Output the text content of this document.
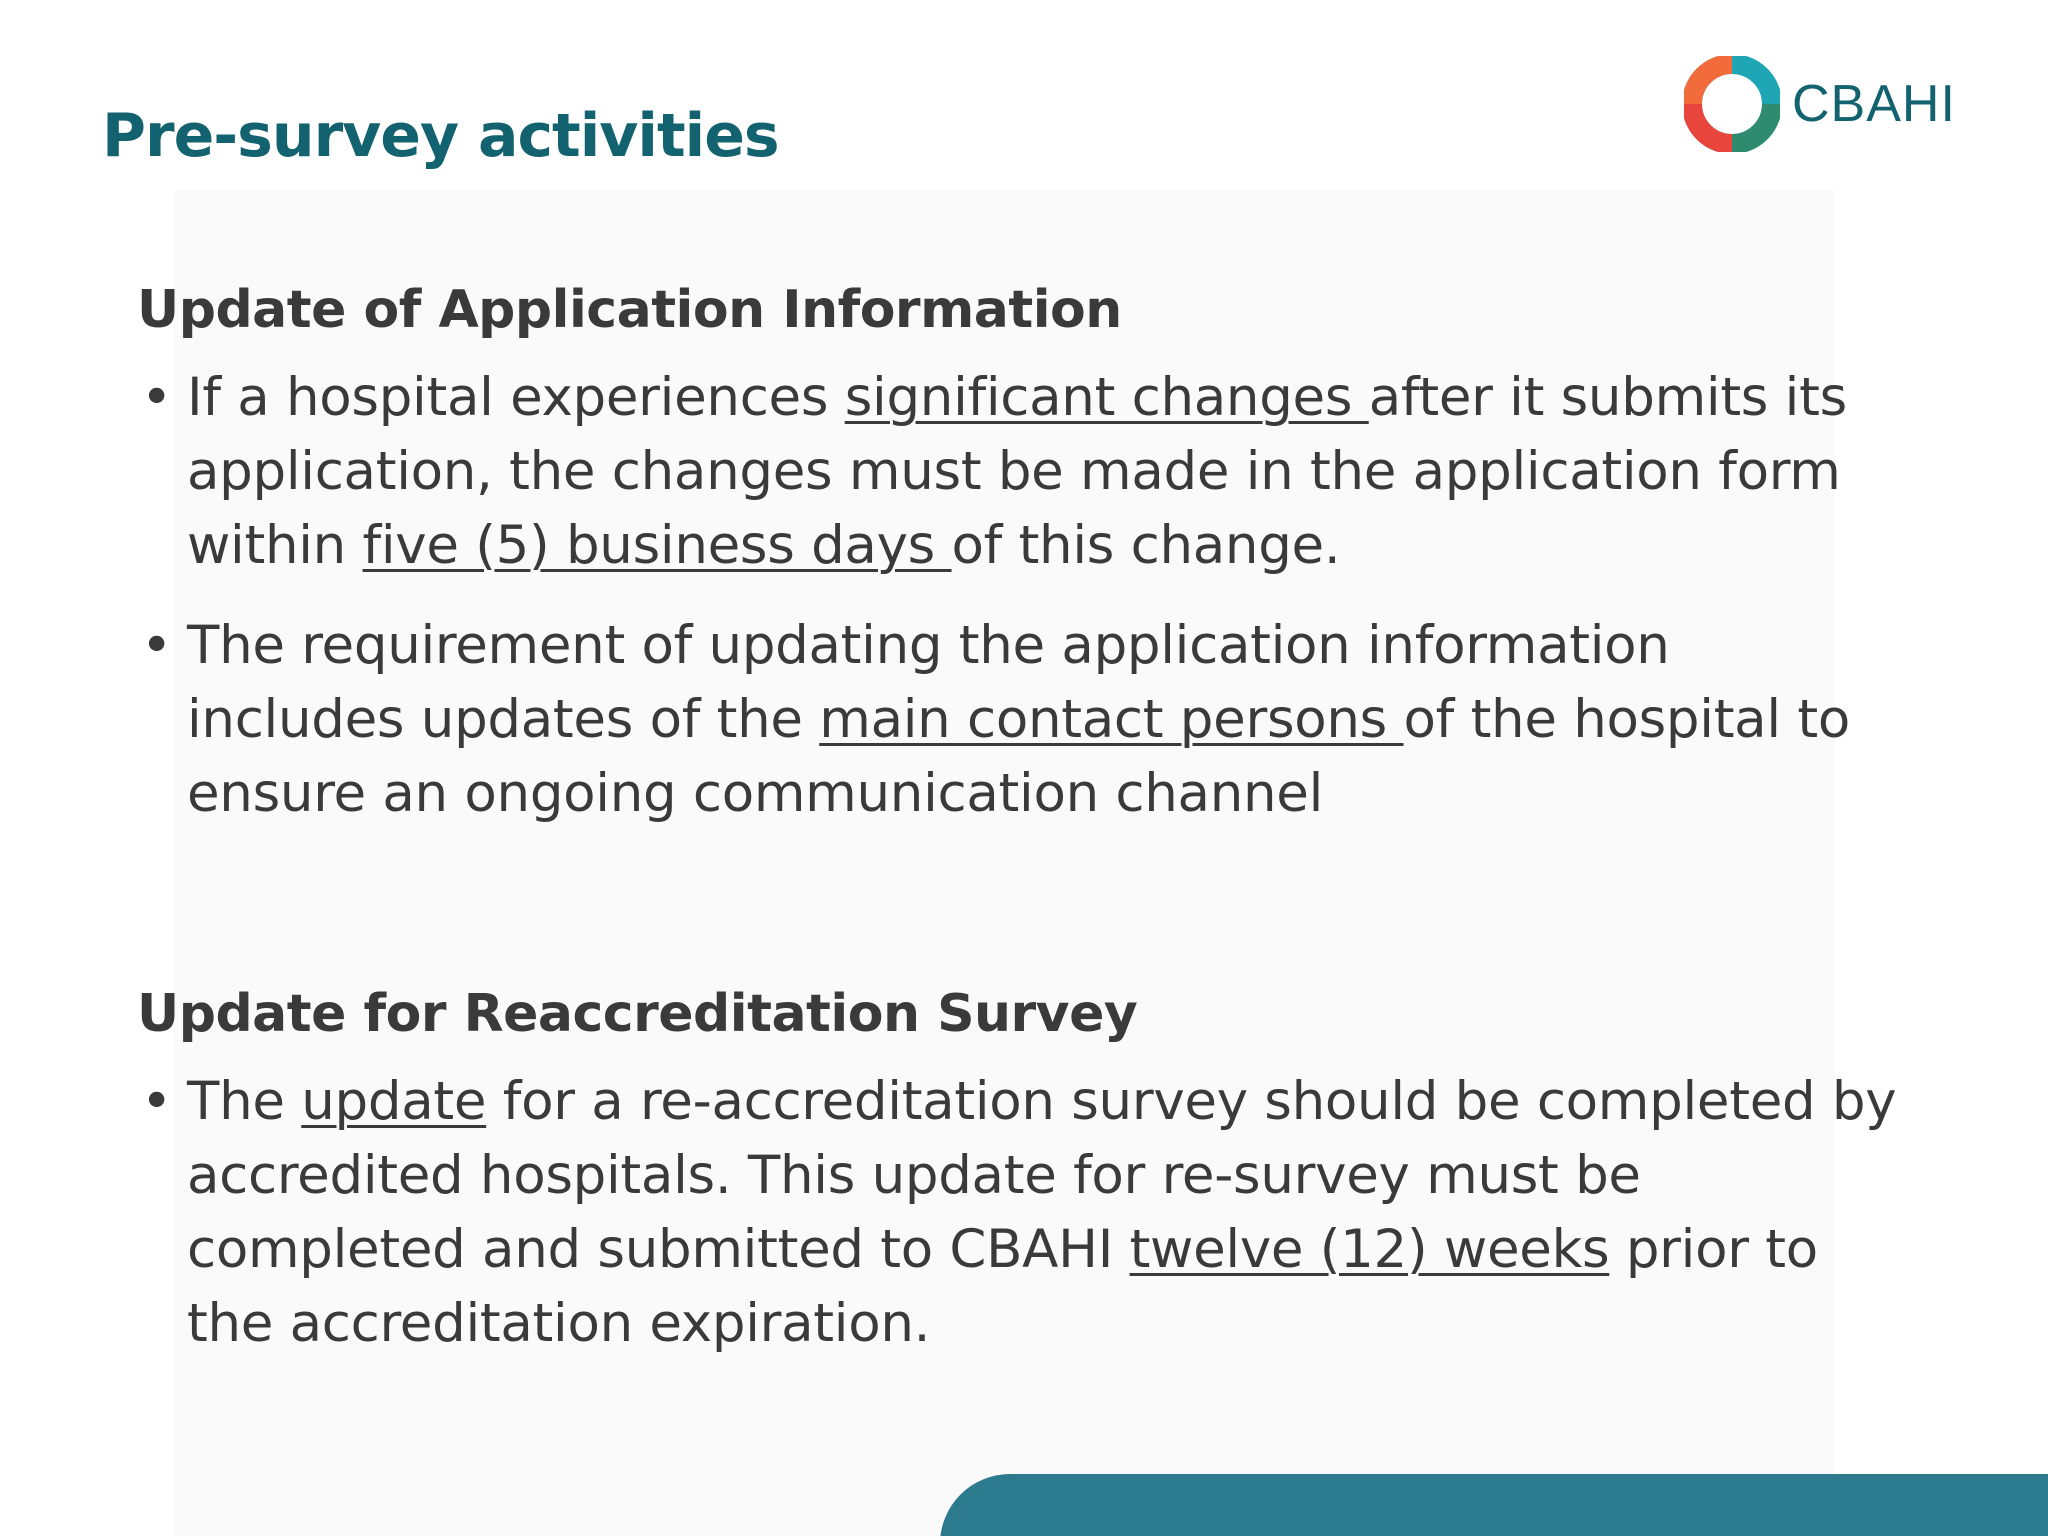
Pre-survey activities	CBAHI
Update of Application Information
• If a hospital experiences significant changes after it submits its application, the changes must be made in the application form within five (5) business days of this change.
• The requirement of updating the application information includes updates of the main contact persons of the hospital to ensure an ongoing communication channel
Update for Reaccreditation Survey
• The update for a re-accreditation survey should be completed by accredited hospitals. This update for re-survey must be completed and submitted to CBAHI twelve (12) weeks prior to the accreditation expiration.
